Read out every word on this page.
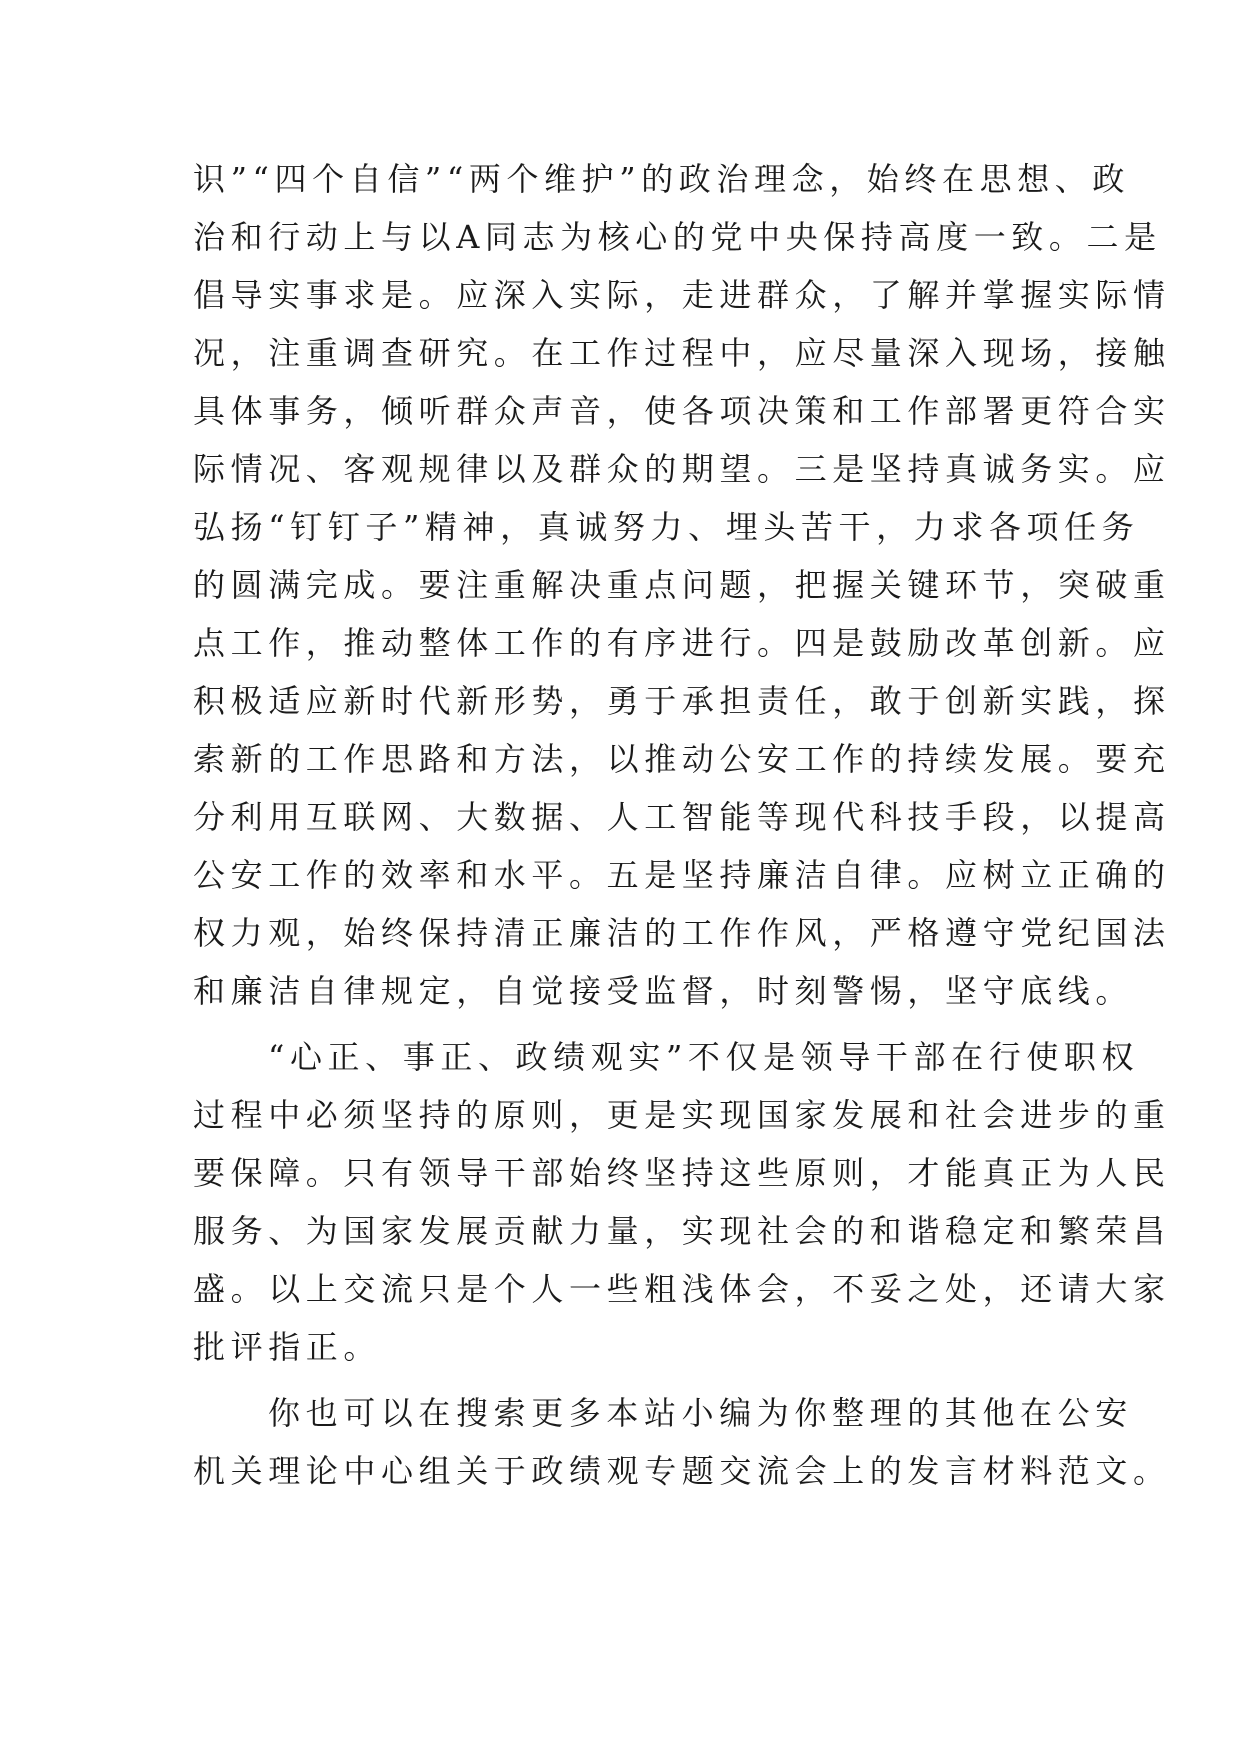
识”“四个自信”“两个维护”的政治理念，始终在思想、政
治和行动上与以A同志为核心的党中央保持高度一致。二是
倡导实事求是。应深入实际，走进群众，了解并掌握实际情
况，注重调查研究。在工作过程中，应尽量深入现场，接触
具体事务，倾听群众声音，使各项决策和工作部署更符合实
际情况、客观规律以及群众的期望。三是坚持真诚务实。应
弘扬“钉钉子”精神，真诚努力、埋头苦干，力求各项任务
的圆满完成。要注重解决重点问题，把握关键环节，突破重
点工作，推动整体工作的有序进行。四是鼓励改革创新。应
积极适应新时代新形势，勇于承担责任，敢于创新实践，探
索新的工作思路和方法，以推动公安工作的持续发展。要充
分利用互联网、大数据、人工智能等现代科技手段，以提高
公安工作的效率和水平。五是坚持廉洁自律。应树立正确的
权力观，始终保持清正廉洁的工作作风，严格遵守党纪国法
和廉洁自律规定，自觉接受监督，时刻警惕，坚守底线。
“心正、事正、政绩观实”不仅是领导干部在行使职权
过程中必须坚持的原则，更是实现国家发展和社会进步的重
要保障。只有领导干部始终坚持这些原则，才能真正为人民
服务、为国家发展贡献力量，实现社会的和谐稳定和繁荣昌
盛。以上交流只是个人一些粗浅体会，不妥之处，还请大家
批评指正。
你也可以在搜索更多本站小编为你整理的其他在公安
机关理论中心组关于政绩观专题交流会上的发言材料范文。
